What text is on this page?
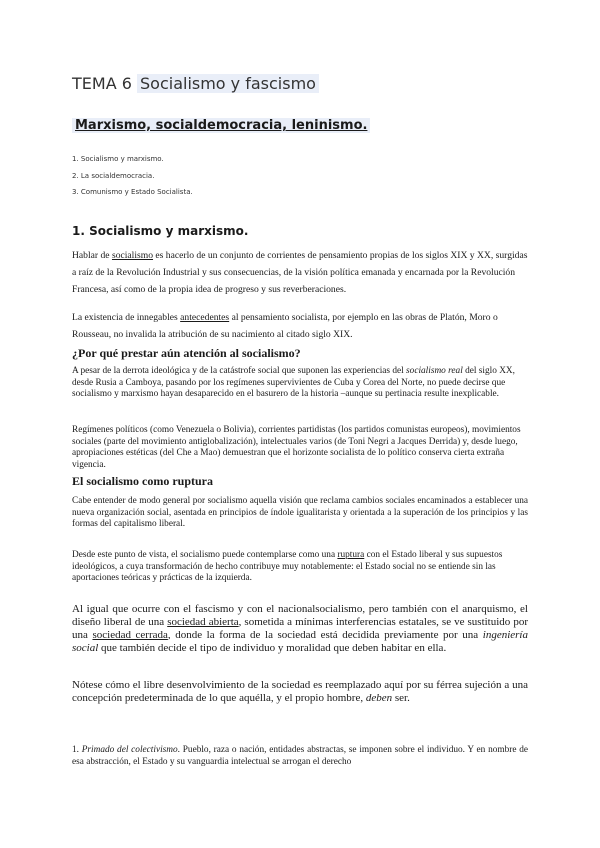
TEMA 6 Socialismo y fascismo
Marxismo, socialdemocracia, leninismo.
1. Socialismo y marxismo.
2. La socialdemocracia.
3. Comunismo y Estado Socialista.
1. Socialismo y marxismo.

Hablar de socialismo es hacerlo de un conjunto de corrientes de pensamiento propias de los siglos XIX y XX, surgidas a raíz de la Revolución Industrial y sus consecuencias, de la visión política emanada y encarnada por la Revolución Francesa, así como de la propia idea de progreso y sus reverberaciones.

La existencia de innegables antecedentes al pensamiento socialista, por ejemplo en las obras de Platón, Moro o Rousseau, no invalida la atribución de su nacimiento al citado siglo XIX.

¿Por qué prestar aún atención al socialismo?

A pesar de la derrota ideológica y de la catástrofe social que suponen las experiencias del socialismo real del siglo XX, desde Rusia a Camboya, pasando por los regímenes supervivientes de Cuba y Corea del Norte, no puede decirse que socialismo y marxismo hayan desaparecido en el basurero de la historia –aunque su pertinacia resulte inexplicable.

Regímenes políticos (como Venezuela o Bolivia), corrientes partidistas (los partidos comunistas europeos), movimientos sociales (parte del movimiento antiglobalización), intelectuales varios (de Toni Negri a Jacques Derrida) y, desde luego, apropiaciones estéticas (del Che a Mao) demuestran que el horizonte socialista de lo político conserva cierta extraña vigencia.

El socialismo como ruptura

Cabe entender de modo general por socialismo aquella visión que reclama cambios sociales encaminados a establecer una nueva organización social, asentada en principios de índole igualitarista y orientada a la superación de los principios y las formas del capitalismo liberal.

Desde este punto de vista, el socialismo puede contemplarse como una ruptura con el Estado liberal y sus supuestos ideológicos, a cuya transformación de hecho contribuye muy notablemente: el Estado social no se entiende sin las aportaciones teóricas y prácticas de la izquierda.

Al igual que ocurre con el fascismo y con el nacionalsocialismo, pero también con el anarquismo, el diseño liberal de una sociedad abierta, sometida a mínimas interferencias estatales, se ve sustituido por una sociedad cerrada, donde la forma de la sociedad está decidida previamente por una ingeniería social que también decide el tipo de individuo y moralidad que deben habitar en ella.

Nótese cómo el libre desenvolvimiento de la sociedad es reemplazado aquí por su férrea sujeción a una concepción predeterminada de lo que aquélla, y el propio hombre, deben ser.

1. Primado del colectivismo. Pueblo, raza o nación, entidades abstractas, se imponen sobre el individuo. Y en nombre de esa abstracción, el Estado y su vanguardia intelectual se arrogan el derecho
